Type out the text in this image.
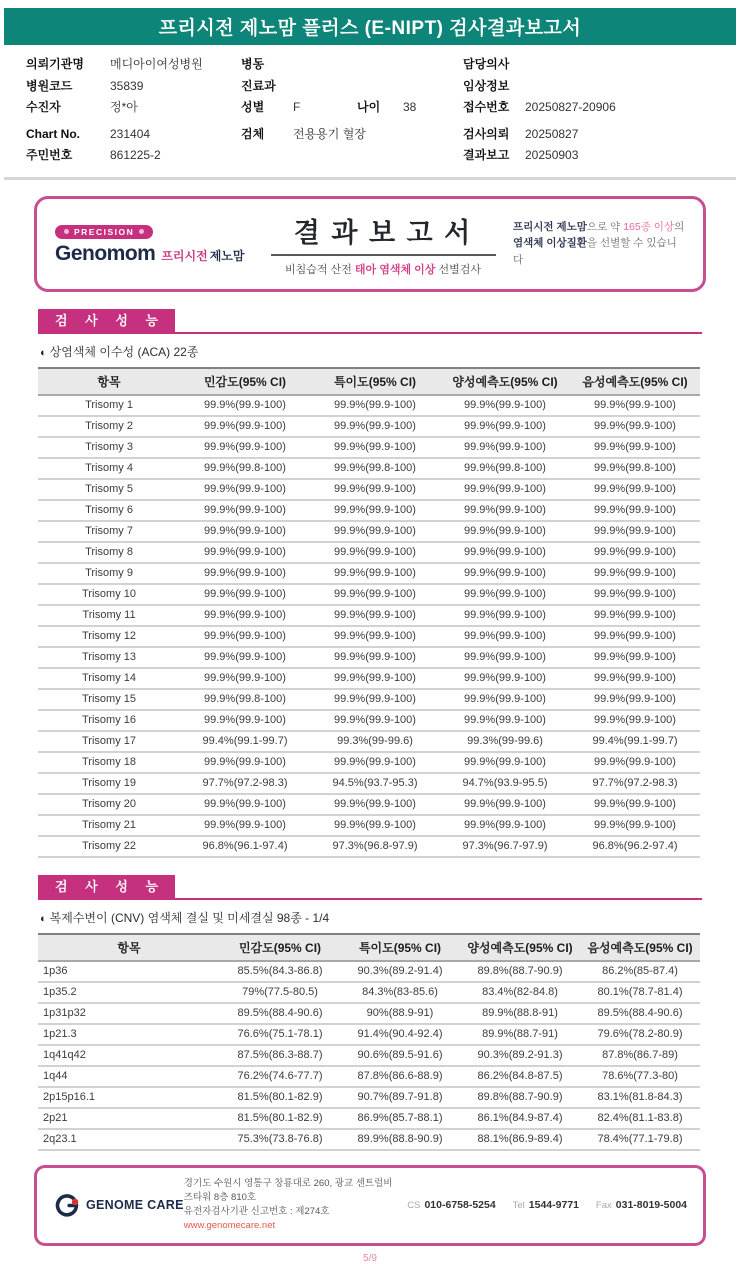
프리시전 제노맘 플러스 (E-NIPT) 검사결과보고서
의뢰기관명	메디아이여성병원
병원코드	35839
수진자	정*아
Chart No.	231404
주민번호	861225-2
병동
진료과
성별	F	나이	38
검체	전용용기 혈장
담당의사
임상정보
접수번호	20250827-20906
검사의뢰	20250827
결과보고	20250903
PRECISION
Genomom 프리시전 제노맘
결 과 보 고 서
비침습적 산전 태아 염색체 이상 선별검사
프리시전 제노맘으로 약 165종 이상의
염색체 이상질환을 선별할 수 있습니다
검 사 성 능
◐ 상염색체 이수성 (ACA) 22종
항목	민감도(95% CI)	특이도(95% CI)	양성예측도(95% CI)	음성예측도(95% CI)
Trisomy 1	99.9%(99.9-100)	99.9%(99.9-100)	99.9%(99.9-100)	99.9%(99.9-100)
Trisomy 2	99.9%(99.9-100)	99.9%(99.9-100)	99.9%(99.9-100)	99.9%(99.9-100)
Trisomy 3	99.9%(99.9-100)	99.9%(99.9-100)	99.9%(99.9-100)	99.9%(99.9-100)
Trisomy 4	99.9%(99.8-100)	99.9%(99.8-100)	99.9%(99.8-100)	99.9%(99.8-100)
Trisomy 5	99.9%(99.9-100)	99.9%(99.9-100)	99.9%(99.9-100)	99.9%(99.9-100)
Trisomy 6	99.9%(99.9-100)	99.9%(99.9-100)	99.9%(99.9-100)	99.9%(99.9-100)
Trisomy 7	99.9%(99.9-100)	99.9%(99.9-100)	99.9%(99.9-100)	99.9%(99.9-100)
Trisomy 8	99.9%(99.9-100)	99.9%(99.9-100)	99.9%(99.9-100)	99.9%(99.9-100)
Trisomy 9	99.9%(99.9-100)	99.9%(99.9-100)	99.9%(99.9-100)	99.9%(99.9-100)
Trisomy 10	99.9%(99.9-100)	99.9%(99.9-100)	99.9%(99.9-100)	99.9%(99.9-100)
Trisomy 11	99.9%(99.9-100)	99.9%(99.9-100)	99.9%(99.9-100)	99.9%(99.9-100)
Trisomy 12	99.9%(99.9-100)	99.9%(99.9-100)	99.9%(99.9-100)	99.9%(99.9-100)
Trisomy 13	99.9%(99.9-100)	99.9%(99.9-100)	99.9%(99.9-100)	99.9%(99.9-100)
Trisomy 14	99.9%(99.9-100)	99.9%(99.9-100)	99.9%(99.9-100)	99.9%(99.9-100)
Trisomy 15	99.9%(99.8-100)	99.9%(99.9-100)	99.9%(99.9-100)	99.9%(99.9-100)
Trisomy 16	99.9%(99.9-100)	99.9%(99.9-100)	99.9%(99.9-100)	99.9%(99.9-100)
Trisomy 17	99.4%(99.1-99.7)	99.3%(99-99.6)	99.3%(99-99.6)	99.4%(99.1-99.7)
Trisomy 18	99.9%(99.9-100)	99.9%(99.9-100)	99.9%(99.9-100)	99.9%(99.9-100)
Trisomy 19	97.7%(97.2-98.3)	94.5%(93.7-95.3)	94.7%(93.9-95.5)	97.7%(97.2-98.3)
Trisomy 20	99.9%(99.9-100)	99.9%(99.9-100)	99.9%(99.9-100)	99.9%(99.9-100)
Trisomy 21	99.9%(99.9-100)	99.9%(99.9-100)	99.9%(99.9-100)	99.9%(99.9-100)
Trisomy 22	96.8%(96.1-97.4)	97.3%(96.8-97.9)	97.3%(96.7-97.9)	96.8%(96.2-97.4)
검 사 성 능
◐ 복제수변이 (CNV) 염색체 결실 및 미세결실 98종 - 1/4
항목	민감도(95% CI)	특이도(95% CI)	양성예측도(95% CI)	음성예측도(95% CI)
1p36	85.5%(84.3-86.8)	90.3%(89.2-91.4)	89.8%(88.7-90.9)	86.2%(85-87.4)
1p35.2	79%(77.5-80.5)	84.3%(83-85.6)	83.4%(82-84.8)	80.1%(78.7-81.4)
1p31p32	89.5%(88.4-90.6)	90%(88.9-91)	89.9%(88.8-91)	89.5%(88.4-90.6)
1p21.3	76.6%(75.1-78.1)	91.4%(90.4-92.4)	89.9%(88.7-91)	79.6%(78.2-80.9)
1q41q42	87.5%(86.3-88.7)	90.6%(89.5-91.6)	90.3%(89.2-91.3)	87.8%(86.7-89)
1q44	76.2%(74.6-77.7)	87.8%(86.6-88.9)	86.2%(84.8-87.5)	78.6%(77.3-80)
2p15p16.1	81.5%(80.1-82.9)	90.7%(89.7-91.8)	89.8%(88.7-90.9)	83.1%(81.8-84.3)
2p21	81.5%(80.1-82.9)	86.9%(85.7-88.1)	86.1%(84.9-87.4)	82.4%(81.1-83.8)
2q23.1	75.3%(73.8-76.8)	89.9%(88.8-90.9)	88.1%(86.9-89.4)	78.4%(77.1-79.8)
GENOME CARE
경기도 수원시 영통구 창룡대로 260, 광교 센트럴비즈타워 8층 810호
유전자검사기관 신고번호 : 제274호
www.genomecare.net
CS 010-6758-5254 Tel 1544-9771 Fax 031-8019-5004
5/9
